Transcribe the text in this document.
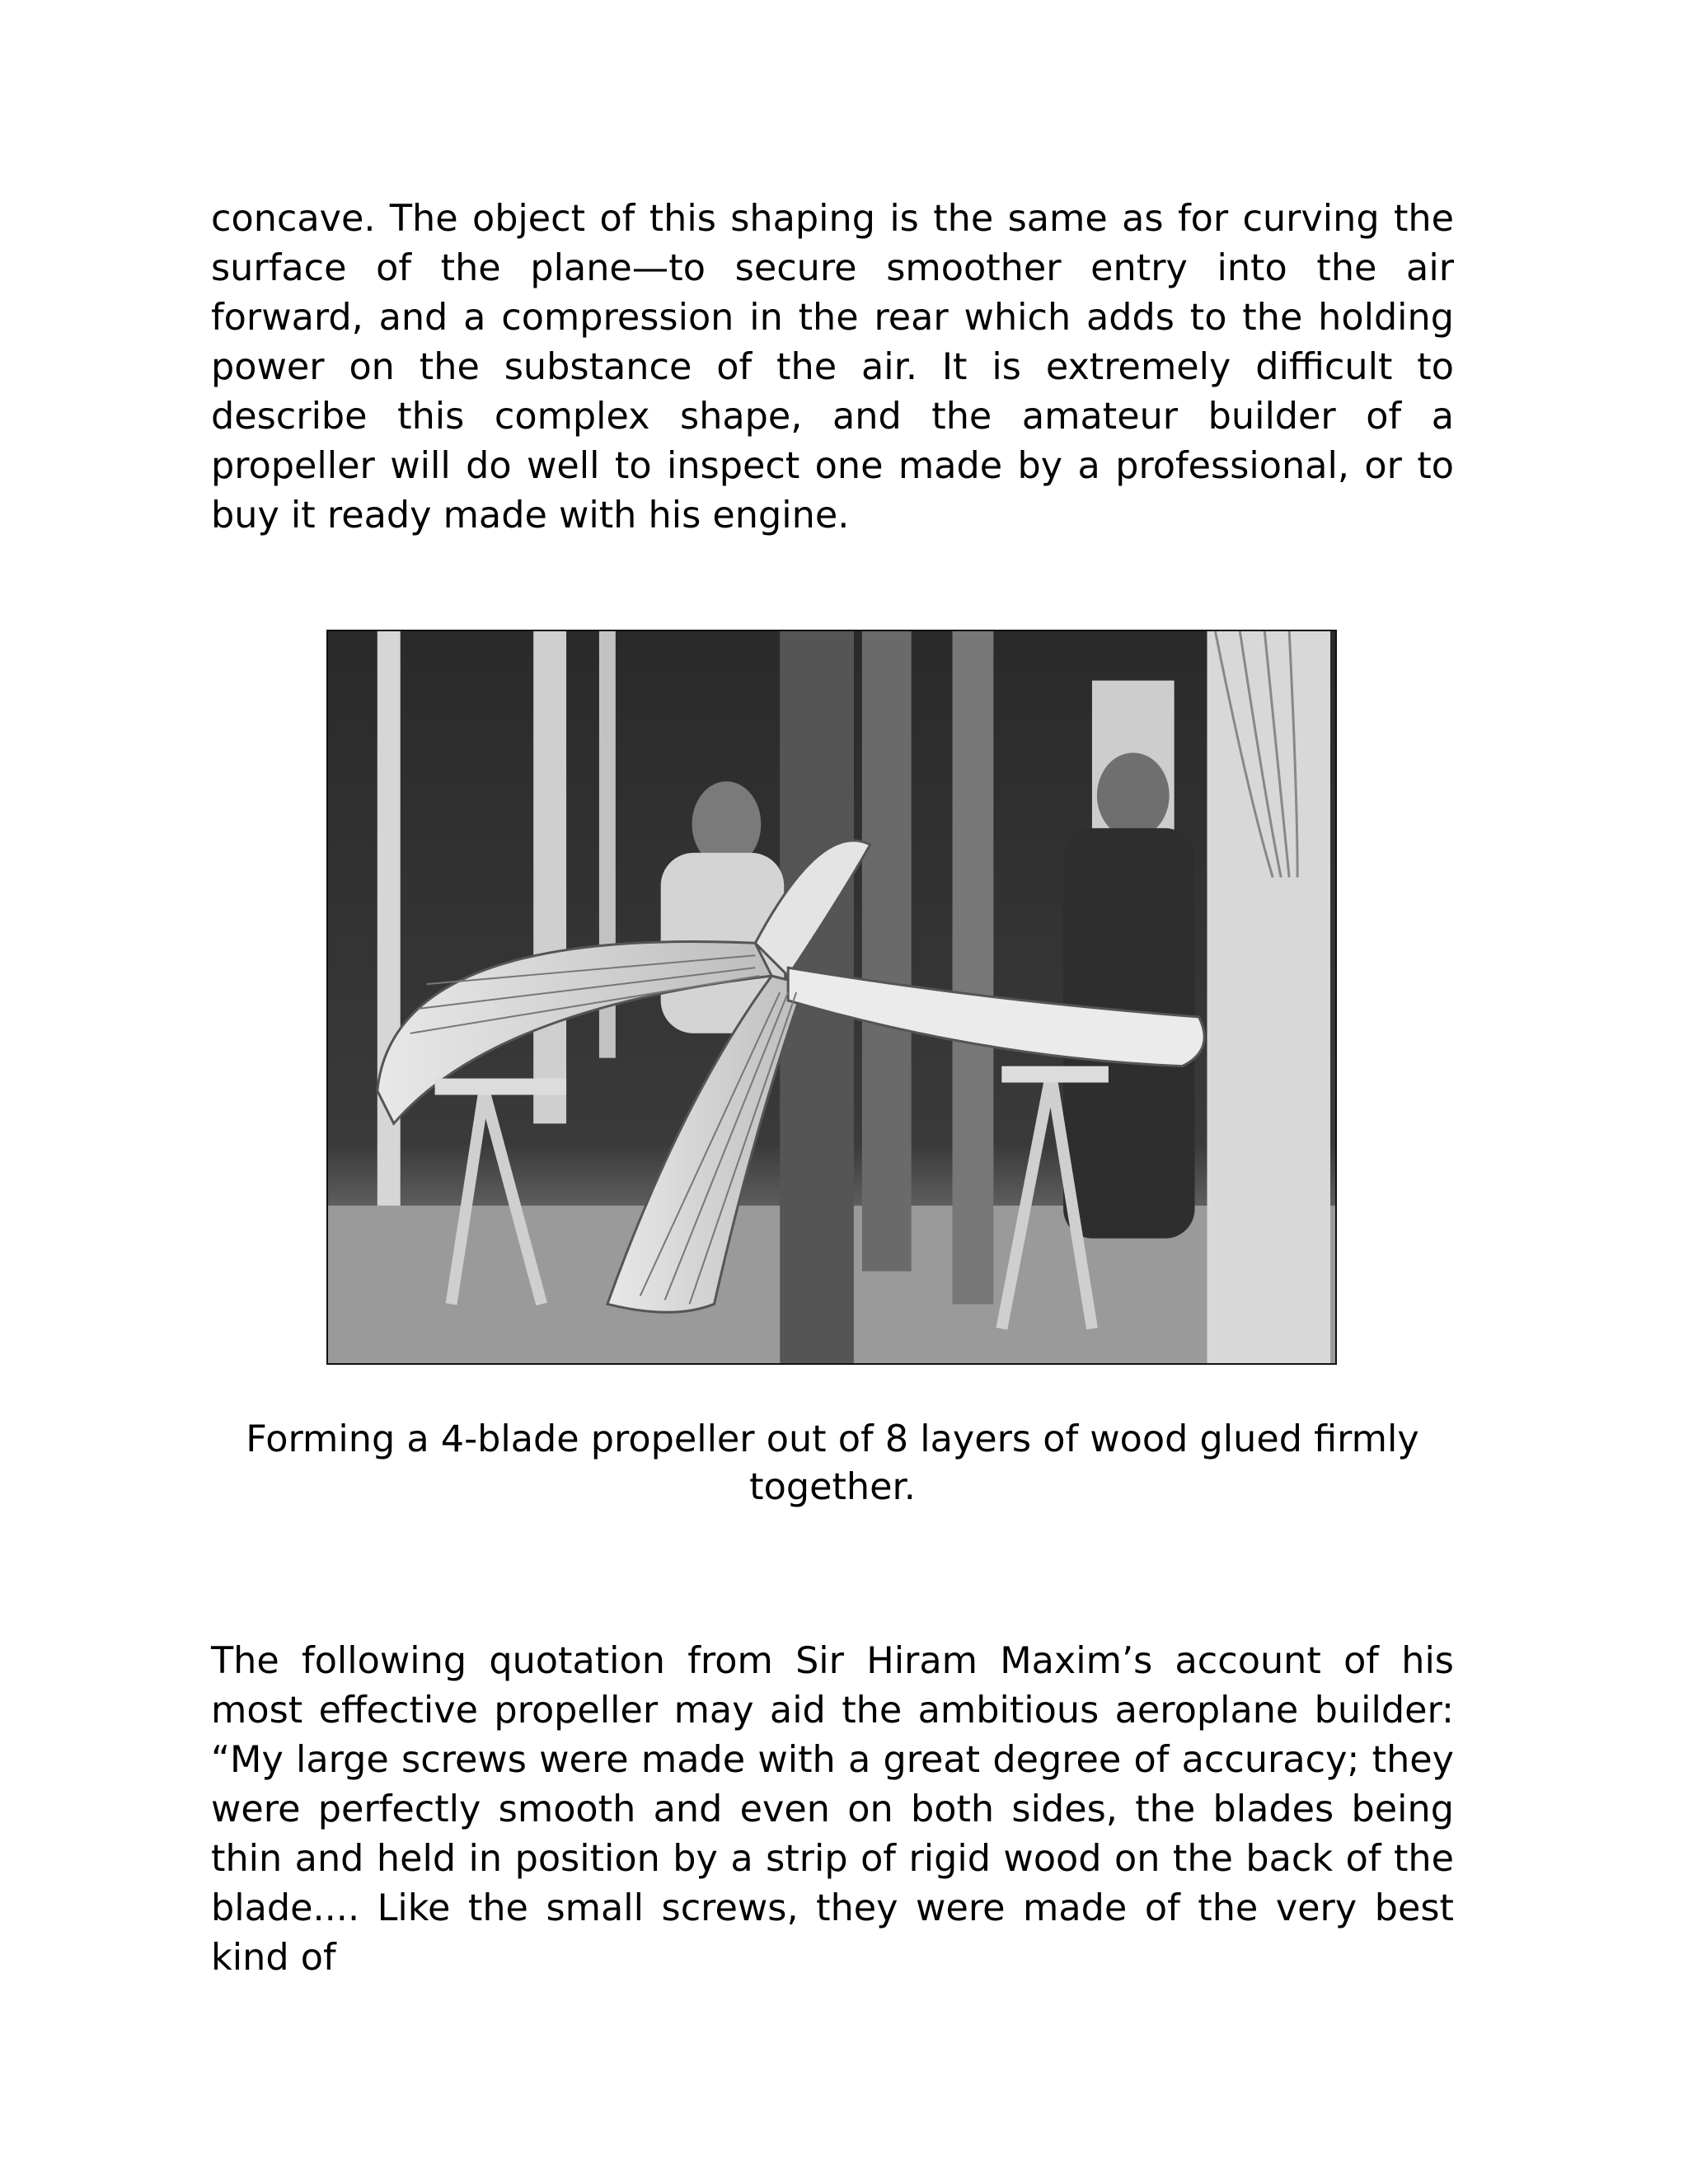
concave. The object of this shaping is the same as for curving the surface of the plane—to secure smoother entry into the air forward, and a compression in the rear which adds to the holding power on the substance of the air. It is extremely difficult to describe this complex shape, and the amateur builder of a propeller will do well to inspect one made by a professional, or to buy it ready made with his engine.

Forming a 4-blade propeller out of 8 layers of wood glued firmly together.

The following quotation from Sir Hiram Maxim’s account of his most effective propeller may aid the ambitious aeroplane builder: “My large screws were made with a great degree of accuracy; they were perfectly smooth and even on both sides, the blades being thin and held in position by a strip of rigid wood on the back of the blade.... Like the small screws, they were made of the very best kind of
